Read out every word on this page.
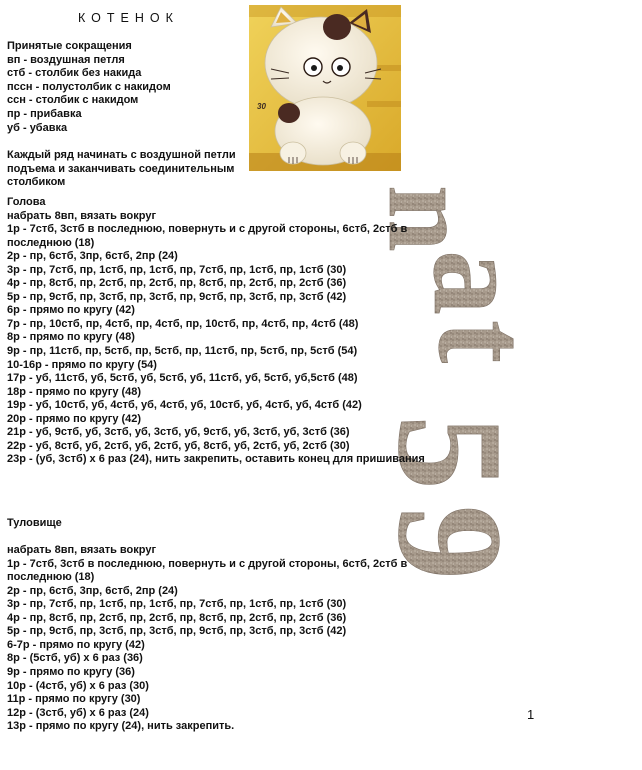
КОТЕНОК
Принятые сокращения
вп - воздушная петля
стб - столбик без накида
пссн - полустолбик с накидом
ссн - столбик с накидом
пр - прибавка
уб - убавка
Каждый ряд начинать с воздушной петли
подъема и заканчивать соединительным
столбиком
30
n
a
t
5
9
Голова
набрать 8вп, вязать вокруг
1р - 7стб, 3стб в последнюю, повернуть и с другой стороны, 6стб, 2стб в
последнюю (18)
2р - пр, 6стб, 3пр, 6стб, 2пр (24)
3р - пр, 7стб, пр, 1стб, пр, 1стб, пр, 7стб, пр, 1стб, пр, 1стб (30)
4р - пр, 8стб, пр, 2стб, пр, 2стб, пр, 8стб, пр, 2стб, пр, 2стб (36)
5р - пр, 9стб, пр, 3стб, пр, 3стб, пр, 9стб, пр, 3стб, пр, 3стб (42)
6р - прямо по кругу (42)
7р - пр, 10стб, пр, 4стб, пр, 4стб, пр, 10стб, пр, 4стб, пр, 4стб (48)
8р - прямо по кругу (48)
9р - пр, 11стб, пр, 5стб, пр, 5стб, пр, 11стб, пр, 5стб, пр, 5стб (54)
10-16р - прямо по кругу (54)
17р - уб, 11стб, уб, 5стб, уб, 5стб, уб, 11стб, уб, 5стб, уб,5стб (48)
18р - прямо по кругу (48)
19р - уб, 10стб, уб, 4стб, уб, 4стб, уб, 10стб, уб, 4стб, уб, 4стб (42)
20р - прямо по кругу (42)
21р - уб, 9стб, уб, 3стб, уб, 3стб, уб, 9стб, уб, 3стб, уб, 3стб (36)
22р - уб, 8стб, уб, 2стб, уб, 2стб, уб, 8стб, уб, 2стб, уб, 2стб (30)
23р - (уб, 3стб) х 6 раз (24), нить закрепить, оставить конец для пришивания
Туловище
набрать 8вп, вязать вокруг
1р - 7стб, 3стб в последнюю, повернуть и с другой стороны, 6стб, 2стб в
последнюю (18)
2р - пр, 6стб, 3пр, 6стб, 2пр (24)
3р - пр, 7стб, пр, 1стб, пр, 1стб, пр, 7стб, пр, 1стб, пр, 1стб (30)
4р - пр, 8стб, пр, 2стб, пр, 2стб, пр, 8стб, пр, 2стб, пр, 2стб (36)
5р - пр, 9стб, пр, 3стб, пр, 3стб, пр, 9стб, пр, 3стб, пр, 3стб (42)
6-7р - прямо по кругу (42)
8р - (5стб, уб) х 6 раз (36)
9р - прямо по кругу (36)
10р - (4стб, уб) х 6 раз (30)
11р - прямо по кругу (30)
12р - (3стб, уб) х 6 раз (24)
13р - прямо по кругу (24), нить закрепить.
1
